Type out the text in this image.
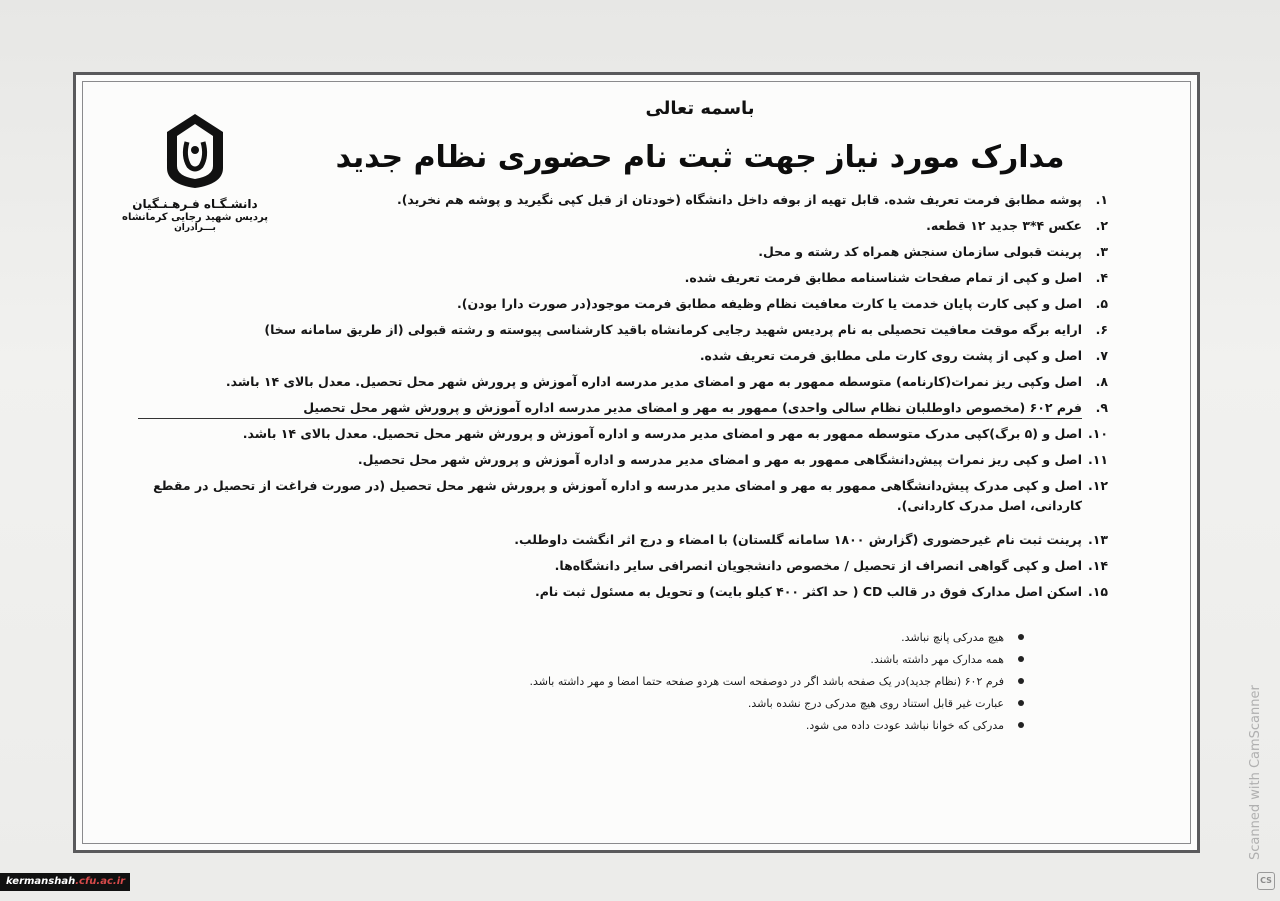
دانشـگـاه فـرهـنـگیان
پردیس شهید رجایی کرمانشاه
بـــرادران
باسمه تعالی
مدارک مورد نیاز جهت ثبت نام حضوری نظام جدید
۱.
پوشه مطابق فرمت تعریف شده. قابل تهیه از بوفه داخل دانشگاه (خودتان از قبل کپی نگیرید و پوشه هم نخرید).
۲.
عکس ۴*۳ جدید ۱۲ قطعه.
۳.
پرینت قبولی سازمان سنجش همراه کد رشته و محل.
۴.
اصل و کپی از تمام صفحات شناسنامه مطابق فرمت تعریف شده.
۵.
اصل و کپی کارت پایان خدمت یا کارت معافیت نظام وظیفه مطابق فرمت موجود(در صورت دارا بودن).
۶.
ارایه برگه موقت معافیت تحصیلی به نام پردیس شهید رجایی کرمانشاه باقید کارشناسی پیوسته و رشته قبولی (از طریق سامانه سخا)
۷.
اصل و کپی از پشت روی کارت ملی مطابق فرمت تعریف شده.
۸.
اصل وکپی ریز نمرات(کارنامه) متوسطه ممهور به مهر و امضای مدیر مدرسه اداره آموزش و پرورش شهر محل تحصیل. معدل بالای ۱۴ باشد.
۹.
فرم ۶۰۲ (مخصوص داوطلبان نظام سالی واحدی) ممهور به مهر و امضای مدیر مدرسه اداره آموزش و پرورش شهر محل تحصیل
۱۰.
اصل و (۵ برگ)کپی مدرک متوسطه ممهور به مهر و امضای مدیر مدرسه و اداره آموزش و پرورش شهر محل تحصیل. معدل بالای ۱۴ باشد.
۱۱.
اصل و کپی ریز نمرات پیش‌دانشگاهی ممهور به مهر و امضای مدیر مدرسه و اداره آموزش و پرورش شهر محل تحصیل.
۱۲.
اصل و کپی مدرک پیش‌دانشگاهی ممهور به مهر و امضای مدیر مدرسه و اداره آموزش و پرورش شهر محل تحصیل (در صورت فراغت از تحصیل در مقطع کاردانی، اصل مدرک کاردانی).
۱۳.
پرینت ثبت نام غیرحضوری (گزارش ۱۸۰۰ سامانه گلستان) با امضاء و درج اثر انگشت داوطلب.
۱۴.
اصل و کپی گواهی انصراف از تحصیل / مخصوص دانشجویان انصرافی سایر دانشگاه‌ها.
۱۵.
اسکن اصل مدارک فوق در قالب CD ( حد اکثر ۴۰۰ کیلو بایت) و تحویل به مسئول ثبت نام.
هیچ مدرکی پانچ نباشد.
همه مدارک مهر داشته باشند.
فرم ۶۰۲ (نظام جدید)در یک صفحه باشد اگر در دوصفحه است هردو صفحه حتما امضا و مهر داشته باشد.
عبارت غیر قابل استناد روی هیچ مدرکی درج نشده باشد.
مدرکی که خوانا نباشد عودت داده می شود.	Scanned with CamScanner
CS
kermanshah.cfu.ac.ir
